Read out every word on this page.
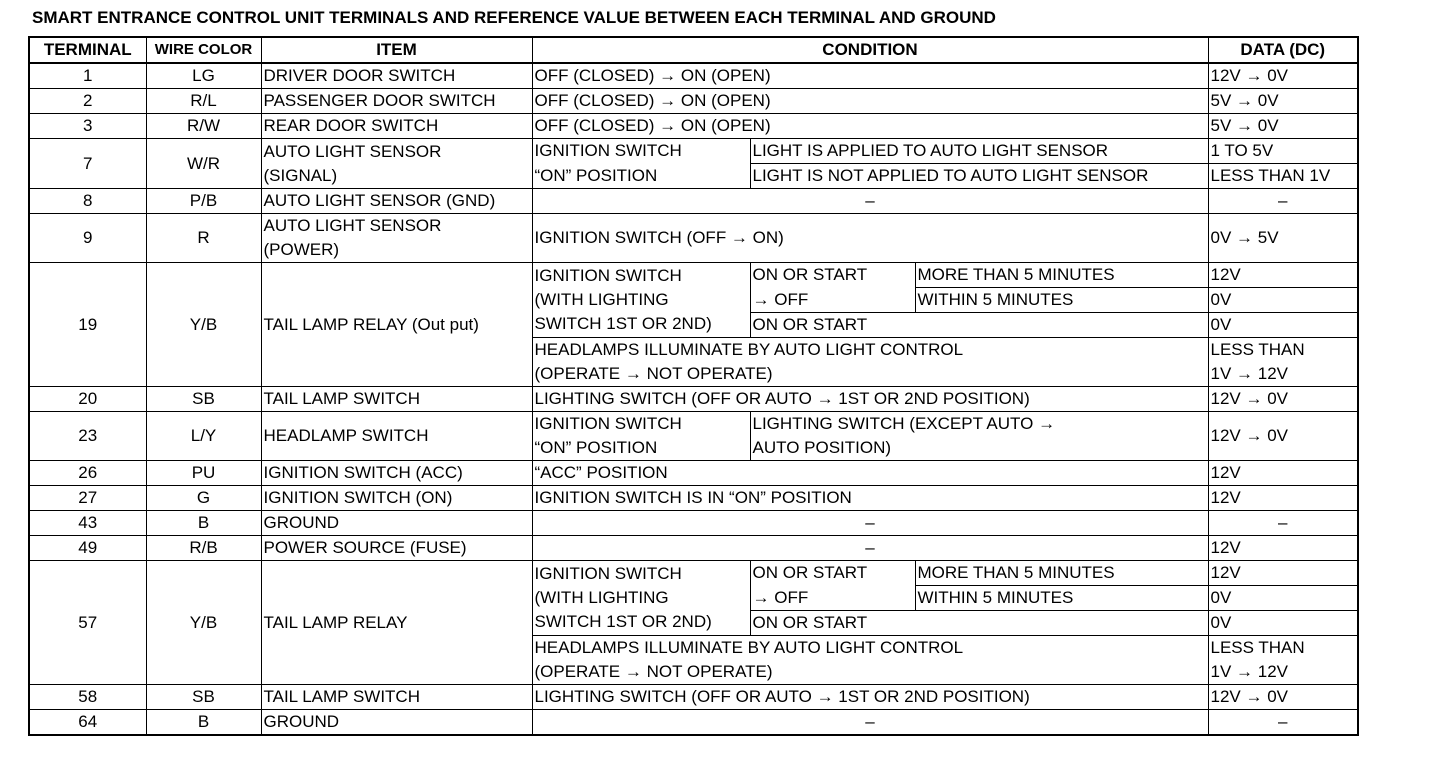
SMART ENTRANCE CONTROL UNIT TERMINALS AND REFERENCE VALUE BETWEEN EACH TERMINAL AND GROUND
TERMINAL	WIRE COLOR	ITEM	CONDITION			DATA (DC)
1	LG	DRIVER DOOR SWITCH	OFF (CLOSED) → ON (OPEN)			12V → 0V
2	R/L	PASSENGER DOOR SWITCH	OFF (CLOSED) → ON (OPEN)			5V → 0V
3	R/W	REAR DOOR SWITCH	OFF (CLOSED) → ON (OPEN)			5V → 0V
7	W/R	AUTO LIGHT SENSOR
(SIGNAL)	IGNITION SWITCH	LIGHT IS APPLIED TO AUTO LIGHT SENSOR		1 TO 5V
			“ON” POSITION	LIGHT IS NOT APPLIED TO AUTO LIGHT SENSOR		LESS THAN 1V
8	P/B	AUTO LIGHT SENSOR (GND)	–			–
9	R	AUTO LIGHT SENSOR
(POWER)	IGNITION SWITCH (OFF → ON)			0V → 5V
19	Y/B	TAIL LAMP RELAY (Out put)	IGNITION SWITCH
(WITH LIGHTING
SWITCH 1ST OR 2ND)	ON OR START	MORE THAN 5 MINUTES	12V
				→ OFF	WITHIN 5 MINUTES	0V
				ON OR START		0V
			HEADLAMPS ILLUMINATE BY AUTO LIGHT CONTROL			LESS THAN
			(OPERATE → NOT OPERATE)			1V → 12V
20	SB	TAIL LAMP SWITCH	LIGHTING SWITCH (OFF OR AUTO → 1ST OR 2ND POSITION)			12V → 0V
23	L/Y	HEADLAMP SWITCH	IGNITION SWITCH
“ON” POSITION	LIGHTING SWITCH (EXCEPT AUTO →
AUTO POSITION)		12V → 0V
26	PU	IGNITION SWITCH (ACC)	“ACC” POSITION			12V
27	G	IGNITION SWITCH (ON)	IGNITION SWITCH IS IN “ON” POSITION			12V
43	B	GROUND	–			–
49	R/B	POWER SOURCE (FUSE)	–			12V
57	Y/B	TAIL LAMP RELAY	IGNITION SWITCH
(WITH LIGHTING
SWITCH 1ST OR 2ND)	ON OR START	MORE THAN 5 MINUTES	12V
				→ OFF	WITHIN 5 MINUTES	0V
				ON OR START		0V
			HEADLAMPS ILLUMINATE BY AUTO LIGHT CONTROL			LESS THAN
			(OPERATE → NOT OPERATE)			1V → 12V
58	SB	TAIL LAMP SWITCH	LIGHTING SWITCH (OFF OR AUTO → 1ST OR 2ND POSITION)			12V → 0V
64	B	GROUND	–			–
